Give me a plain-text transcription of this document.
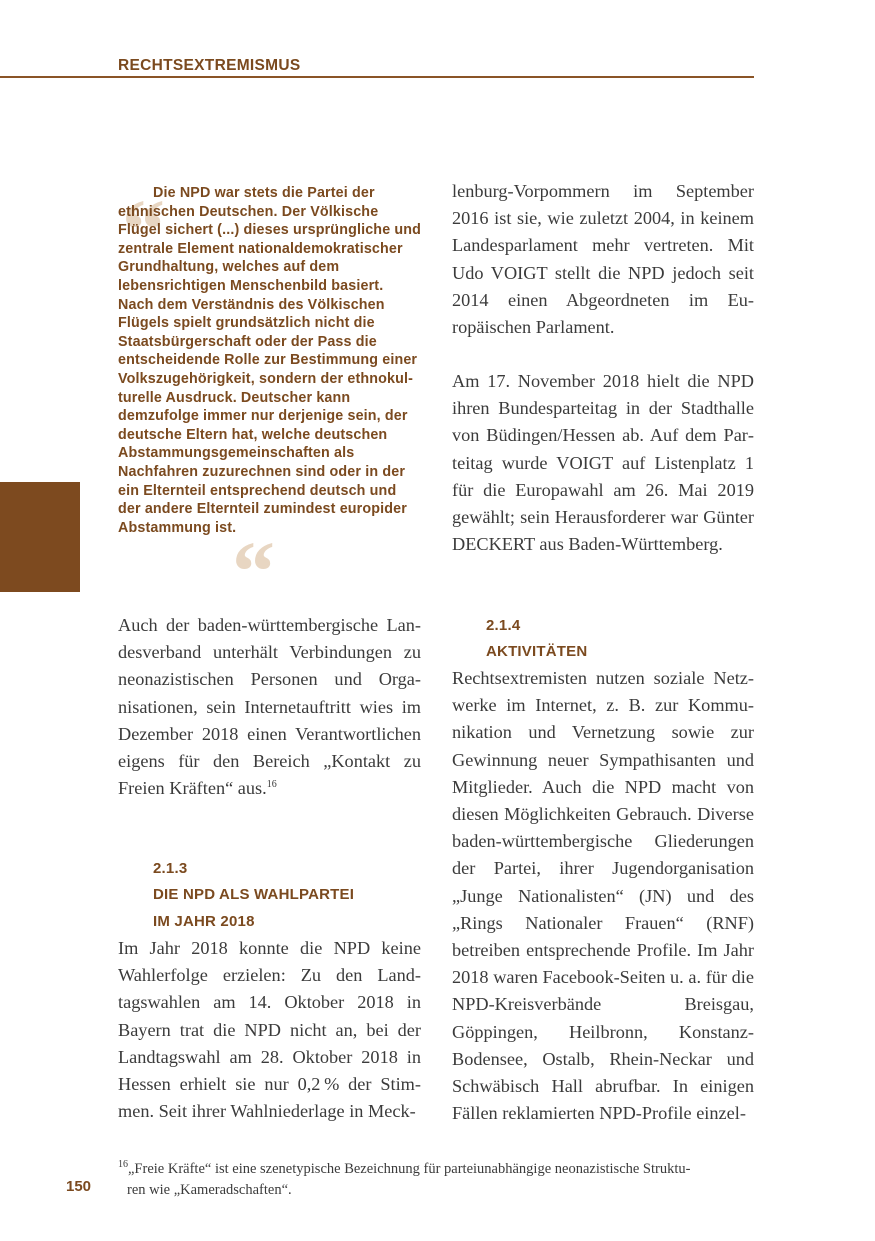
RECHTSEXTREMISMUS
“
“

Die NPD war stets die Partei der ethnischen Deutschen. Der Völkische Flügel sichert (...) dieses ursprüngliche und zentrale Element nationaldemokratischer Grundhaltung, welches auf dem lebensrichtigen Menschenbild basiert. Nach dem Verständnis des Völkischen Flügels spielt grundsätzlich nicht die Staatsbürgerschaft oder der Pass die entscheidende Rolle zur Bestimmung einer Volkszugehörigkeit, sondern der ethnokulturelle Ausdruck. Deutscher kann demzufolge immer nur derjenige sein, der deutsche Eltern hat, welche deutschen Abstammungsgemeinschaften als Nachfahren zuzurechnen sind oder in der ein Elternteil entsprechend deutsch und der andere Elternteil zumindest europider Abstammung ist.

lenburg-Vorpommern im September 2016 ist sie, wie zuletzt 2004, in keinem Landesparlament mehr vertreten. Mit Udo VOIGT stellt die NPD jedoch seit 2014 einen Abgeordneten im Europäischen Parlament.

Am 17. November 2018 hielt die NPD ihren Bundesparteitag in der Stadthalle von Büdingen/Hessen ab. Auf dem Parteitag wurde VOIGT auf Listenplatz 1 für die Europawahl am 26. Mai 2019 gewählt; sein Herausforderer war Günter DECKERT aus Baden-Württemberg.

Auch der baden-württembergische Landesverband unterhält Verbindungen zu neonazistischen Personen und Organisationen, sein Internetauftritt wies im Dezember 2018 einen Verantwortlichen eigens für den Bereich „Kontakt zu Freien Kräften“ aus.$^{16}$

2.1.4
AKTIVITÄTEN

Rechtsextremisten nutzen soziale Netzwerke im Internet, z. B. zur Kommunikation und Vernetzung sowie zur Gewinnung neuer Sympathisanten und Mitglieder. Auch die NPD macht von diesen Möglichkeiten Gebrauch. Diverse baden-württembergische Gliederungen der Partei, ihrer Jugendorganisation „Junge Nationalisten“ (JN) und des „Rings Nationaler Frauen“ (RNF) betreiben entsprechende Profile. Im Jahr 2018 waren Facebook-Seiten u. a. für die NPD-Kreisverbände Breisgau, Göppingen, Heilbronn, Konstanz-Bodensee, Ostalb, Rhein-Neckar und Schwäbisch Hall abrufbar. In einigen Fällen reklamierten NPD-Profile einzel-

2.1.3
DIE NPD ALS WAHLPARTEI
IM JAHR 2018

Im Jahr 2018 konnte die NPD keine Wahlerfolge erzielen: Zu den Landtagswahlen am 14. Oktober 2018 in Bayern trat die NPD nicht an, bei der Landtagswahl am 28. Oktober 2018 in Hessen erhielt sie nur 0,2 % der Stimmen. Seit ihrer Wahlniederlage in Meck-

$^{16}$„Freie Kräfte“ ist eine szenetypische Bezeichnung für parteiunabhängige neonazistische Struktu-
ren wie „Kameradschaften“.

150
